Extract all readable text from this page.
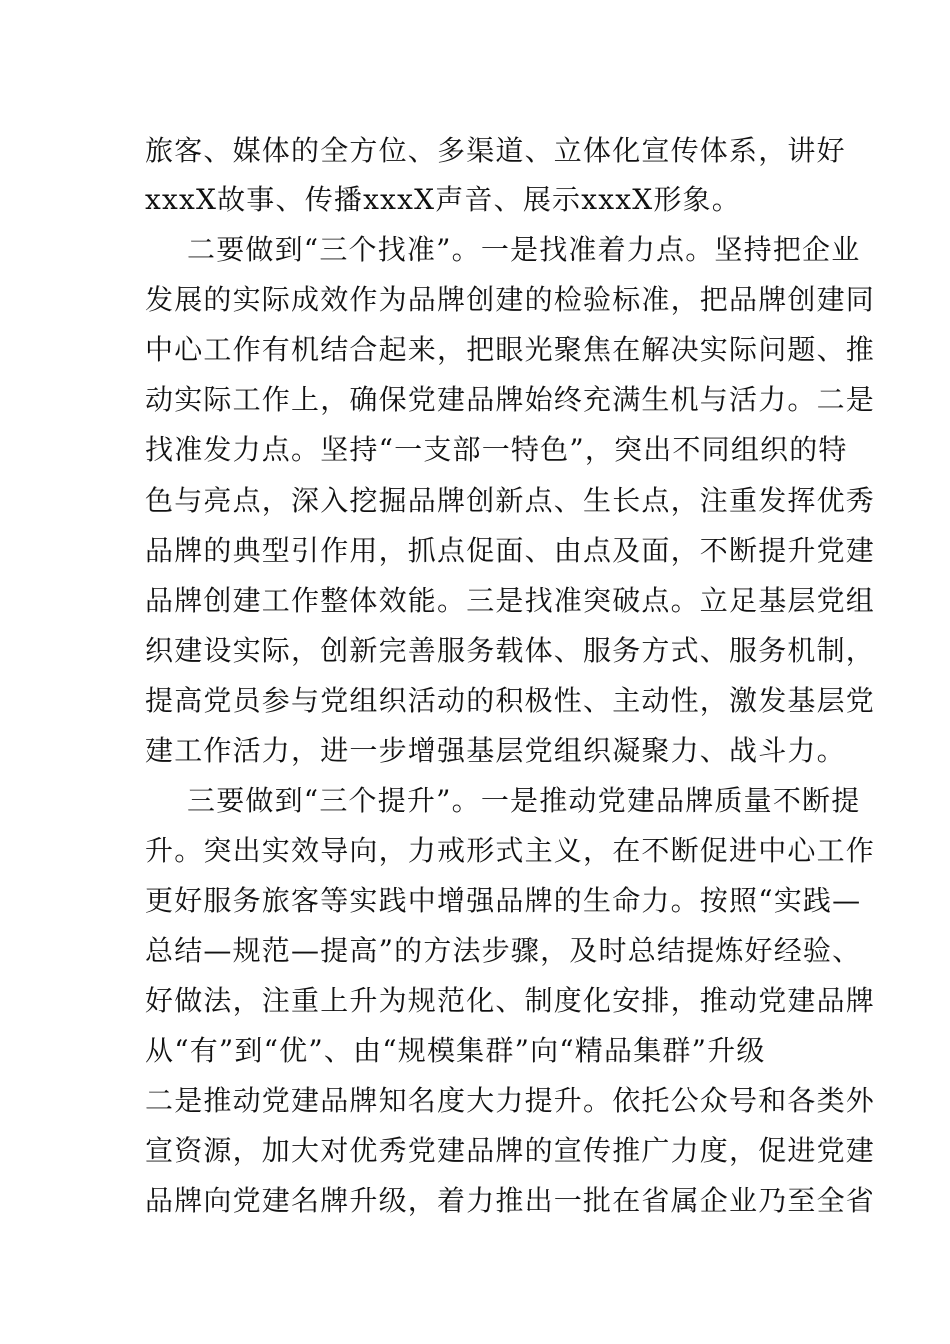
旅客、媒体的全方位、多渠道、立体化宣传体系，讲好
xxxX故事、传播xxxX声音、展示xxxX形象。
二要做到“三个找准”。一是找准着力点。坚持把企业
发展的实际成效作为品牌创建的检验标准，把品牌创建同
中心工作有机结合起来，把眼光聚焦在解决实际问题、推
动实际工作上，确保党建品牌始终充满生机与活力。二是
找准发力点。坚持“一支部一特色”，突出不同组织的特
色与亮点，深入挖掘品牌创新点、生长点，注重发挥优秀
品牌的典型引作用，抓点促面、由点及面，不断提升党建
品牌创建工作整体效能。三是找准突破点。立足基层党组
织建设实际，创新完善服务载体、服务方式、服务机制，
提高党员参与党组织活动的积极性、主动性，激发基层党
建工作活力，进一步增强基层党组织凝聚力、战斗力。
三要做到“三个提升”。一是推动党建品牌质量不断提
升。突出实效导向，力戒形式主义，在不断促进中心工作
更好服务旅客等实践中增强品牌的生命力。按照“实践—
总结—规范—提高”的方法步骤，及时总结提炼好经验、
好做法，注重上升为规范化、制度化安排，推动党建品牌
从“有”到“优”、由“规模集群”向“精品集群”升级
二是推动党建品牌知名度大力提升。依托公众号和各类外
宣资源，加大对优秀党建品牌的宣传推广力度，促进党建
品牌向党建名牌升级，着力推出一批在省属企业乃至全省
